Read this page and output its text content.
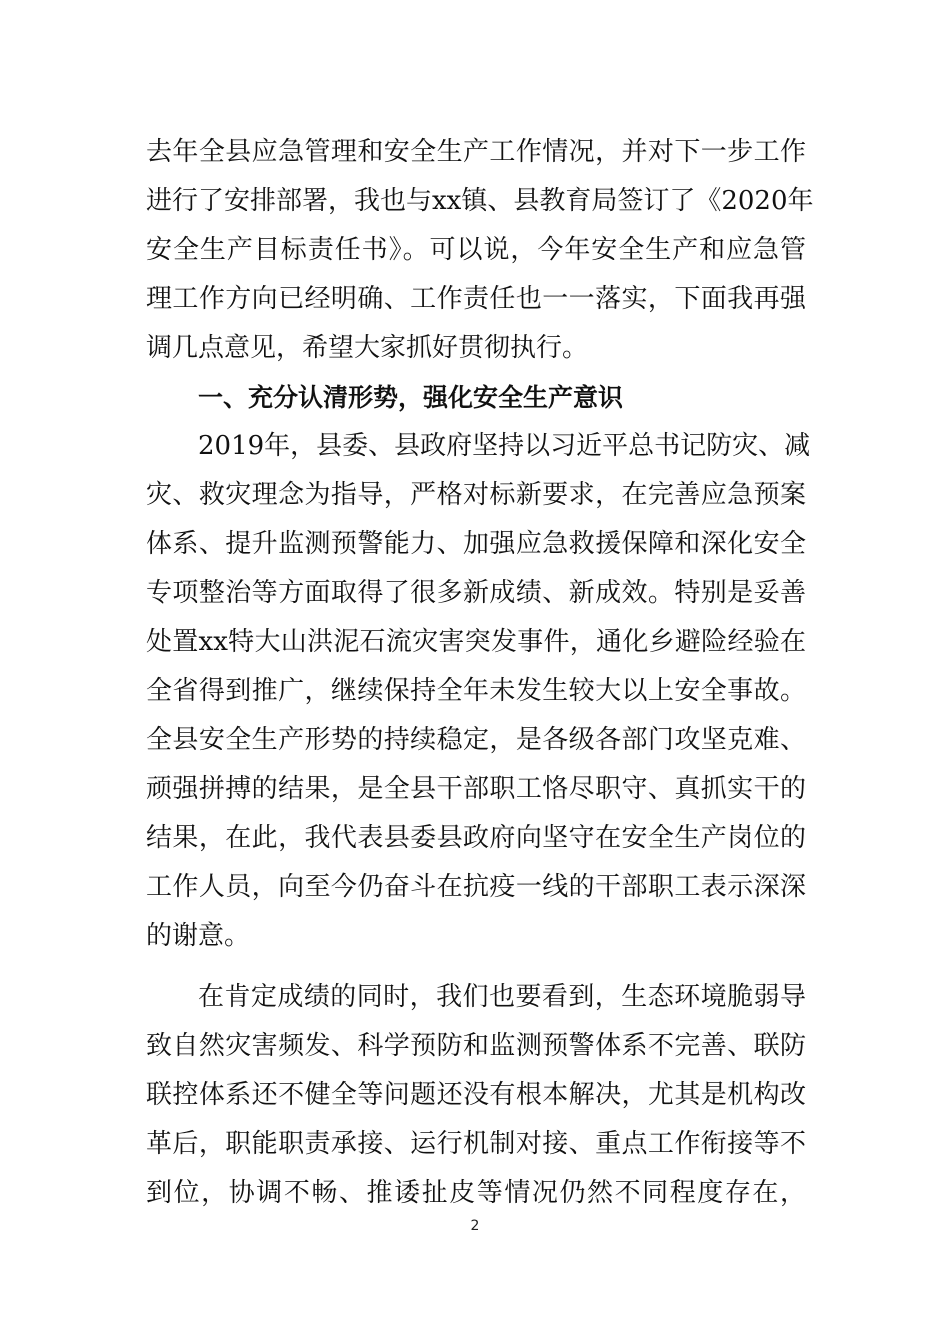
去年全县应急管理和安全生产工作情况，并对下一步工作
进行了安排部署，我也与xx镇、县教育局签订了《2020年
安全生产目标责任书》。可以说，今年安全生产和应急管
理工作方向已经明确、工作责任也一一落实，下面我再强
调几点意见，希望大家抓好贯彻执行。
一、充分认清形势，强化安全生产意识
2019年，县委、县政府坚持以习近平总书记防灾、减
灾、救灾理念为指导，严格对标新要求，在完善应急预案
体系、提升监测预警能力、加强应急救援保障和深化安全
专项整治等方面取得了很多新成绩、新成效。特别是妥善
处置xx特大山洪泥石流灾害突发事件，通化乡避险经验在
全省得到推广，继续保持全年未发生较大以上安全事故。
全县安全生产形势的持续稳定，是各级各部门攻坚克难、
顽强拼搏的结果，是全县干部职工恪尽职守、真抓实干的
结果，在此，我代表县委县政府向坚守在安全生产岗位的
工作人员，向至今仍奋斗在抗疫一线的干部职工表示深深
的谢意。
在肯定成绩的同时，我们也要看到，生态环境脆弱导
致自然灾害频发、科学预防和监测预警体系不完善、联防
联控体系还不健全等问题还没有根本解决，尤其是机构改
革后，职能职责承接、运行机制对接、重点工作衔接等不
到位，协调不畅、推诿扯皮等情况仍然不同程度存在，
2
